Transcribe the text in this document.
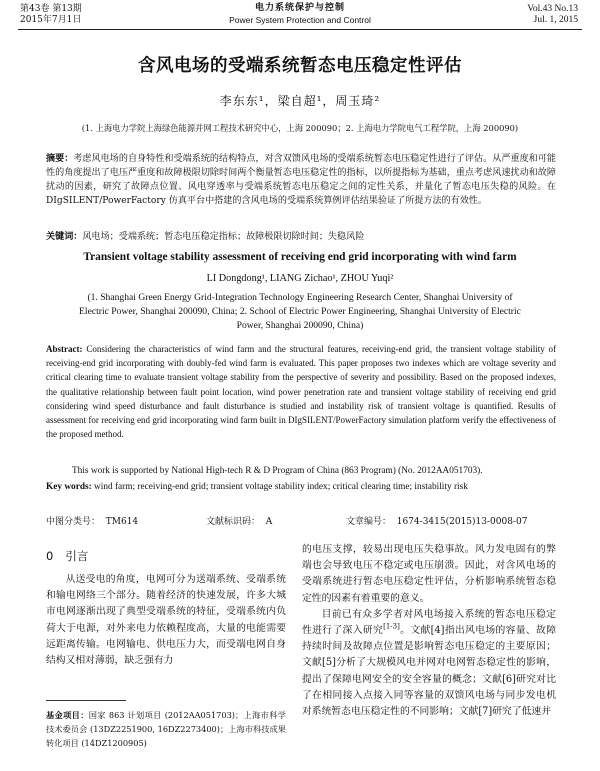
第43卷 第13期
2015年7月1日
电力系统保护与控制
Power System Protection and Control
Vol.43 No.13
Jul. 1, 2015
含风电场的受端系统暂态电压稳定性评估
李东东¹，梁自超¹，周玉琦²
(1. 上海电力学院上海绿色能源并网工程技术研究中心，上海 200090；2. 上海电力学院电气工程学院，上海 200090)
摘要：考虑风电场的自身特性和受端系统的结构特点，对含双馈风电场的受端系统暂态电压稳定性进行了评估。从严重度和可能性的角度提出了电压严重度和故障极限切除时间两个衡量暂态电压稳定性的指标，以所提指标为基础，重点考虑风速扰动和故障扰动的因素，研究了故障点位置、风电穿透率与受端系统暂态电压稳定之间的定性关系，并量化了暂态电压失稳的风险。在 DIgSILENT/PowerFactory 仿真平台中搭建的含风电场的受端系统算例评估结果验证了所提方法的有效性。
关键词：风电场；受端系统；暂态电压稳定指标；故障极限切除时间；失稳风险
Transient voltage stability assessment of receiving end grid incorporating with wind farm
LI Dongdong¹, LIANG Zichao¹, ZHOU Yuqi²
(1. Shanghai Green Energy Grid-Integration Technology Engineering Research Center, Shanghai University of Electric Power, Shanghai 200090, China; 2. School of Electric Power Engineering, Shanghai University of Electric Power, Shanghai 200090, China)
Abstract: Considering the characteristics of wind farm and the structural features, receiving-end grid, the transient voltage stability of receiving-end grid incorporating with doubly-fed wind farm is evaluated. This paper proposes two indexes which are voltage severity and critical clearing time to evaluate transient voltage stability from the perspective of severity and possibility. Based on the proposed indexes, the qualitative relationship between fault point location, wind power penetration rate and transient voltage stability of receiving end grid considering wind speed disturbance and fault disturbance is studied and instability risk of transient voltage is quantified. Results of assessment for receiving end grid incorporating wind farm built in DIgSILENT/PowerFactory simulation platform verify the effectiveness of the proposed method.
This work is supported by National High-tech R & D Program of China (863 Program) (No. 2012AA051703).
Key words: wind farm; receiving-end grid; transient voltage stability index; critical clearing time; instability risk
中图分类号： TM614	文献标识码： A	文章编号： 1674-3415(2015)13-0008-07
0 引言

从送受电的角度，电网可分为送端系统、受端系统和输电网络三个部分。随着经济的快速发展，许多大城市电网逐渐出现了典型受端系统的特征，受端系统内负荷大于电源，对外来电力依赖程度高，大量的电能需要远距离传输。电网输电、供电压力大，而受端电网自身结构又相对薄弱，缺乏强有力

的电压支撑，较易出现电压失稳事故。风力发电固有的弊端也会导致电压不稳定或电压崩溃。因此，对含风电场的受端系统进行暂态电压稳定性评估，分析影响系统暂态稳定性的因素有着重要的意义。

目前已有众多学者对风电场接入系统的暂态电压稳定性进行了深入研究[1-3]。文献[4]指出风电场的容量、故障持续时间及故障点位置是影响暂态电压稳定的主要原因；文献[5]分析了大规模风电并网对电网暂态稳定性的影响，提出了保障电网安全的安全容量的概念；文献[6]研究对比了在相同接入点接入同等容量的双馈风电场与同步发电机对系统暂态电压稳定性的不同影响；文献[7]研究了低速并

基金项目：国家 863 计划项目 (2012AA051703)；上海市科学技术委员会 (13DZ2251900, 16DZ2273400)；上海市科技成果转化项目 (14DZ1200905)
